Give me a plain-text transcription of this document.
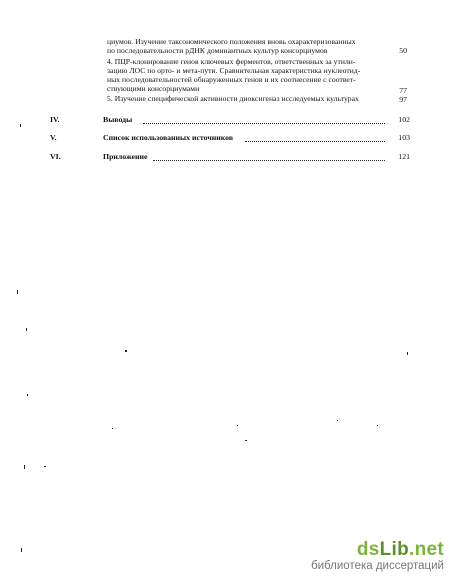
циумов. Изучение таксономического положения вновь охарактеризованных
по последовательности рДНК доминантных культур консорциумов	50
4. ПЦР-клонирование генов ключевых ферментов, ответственных за утили-
зацию ЛОС по орто- и мета-пути. Сравнительная характеристика нуклеотид-
ных последовательностей обнаруженных генов и их соотнесение с соответ-
ствующими консорциумами	77
5. Изучение специфической активности диоксигеназ исследуемых культурах	97
IV.	Выводы	102
V.	Список использованных источников	103
VI.	Приложение	121
dsLib.net
библиотека диссертаций
